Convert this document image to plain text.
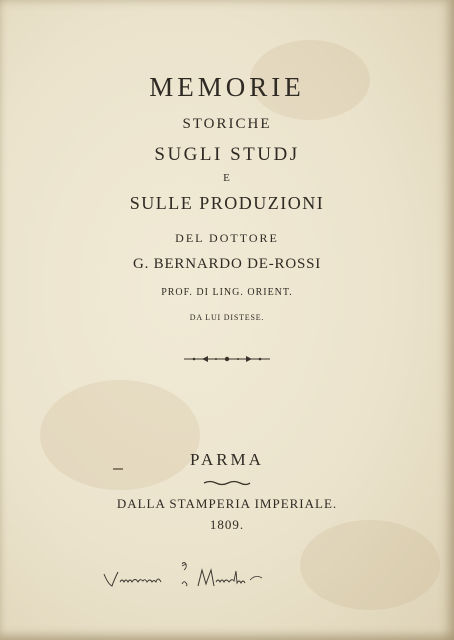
MEMORIE
STORICHE
SUGLI STUDJ
E
SULLE PRODUZIONI
DEL DOTTORE
G. BERNARDO DE-ROSSI
PROF. DI LING. ORIENT.
DA LUI DISTESE.
PARMA
DALLA STAMPERIA IMPERIALE.
1809.
